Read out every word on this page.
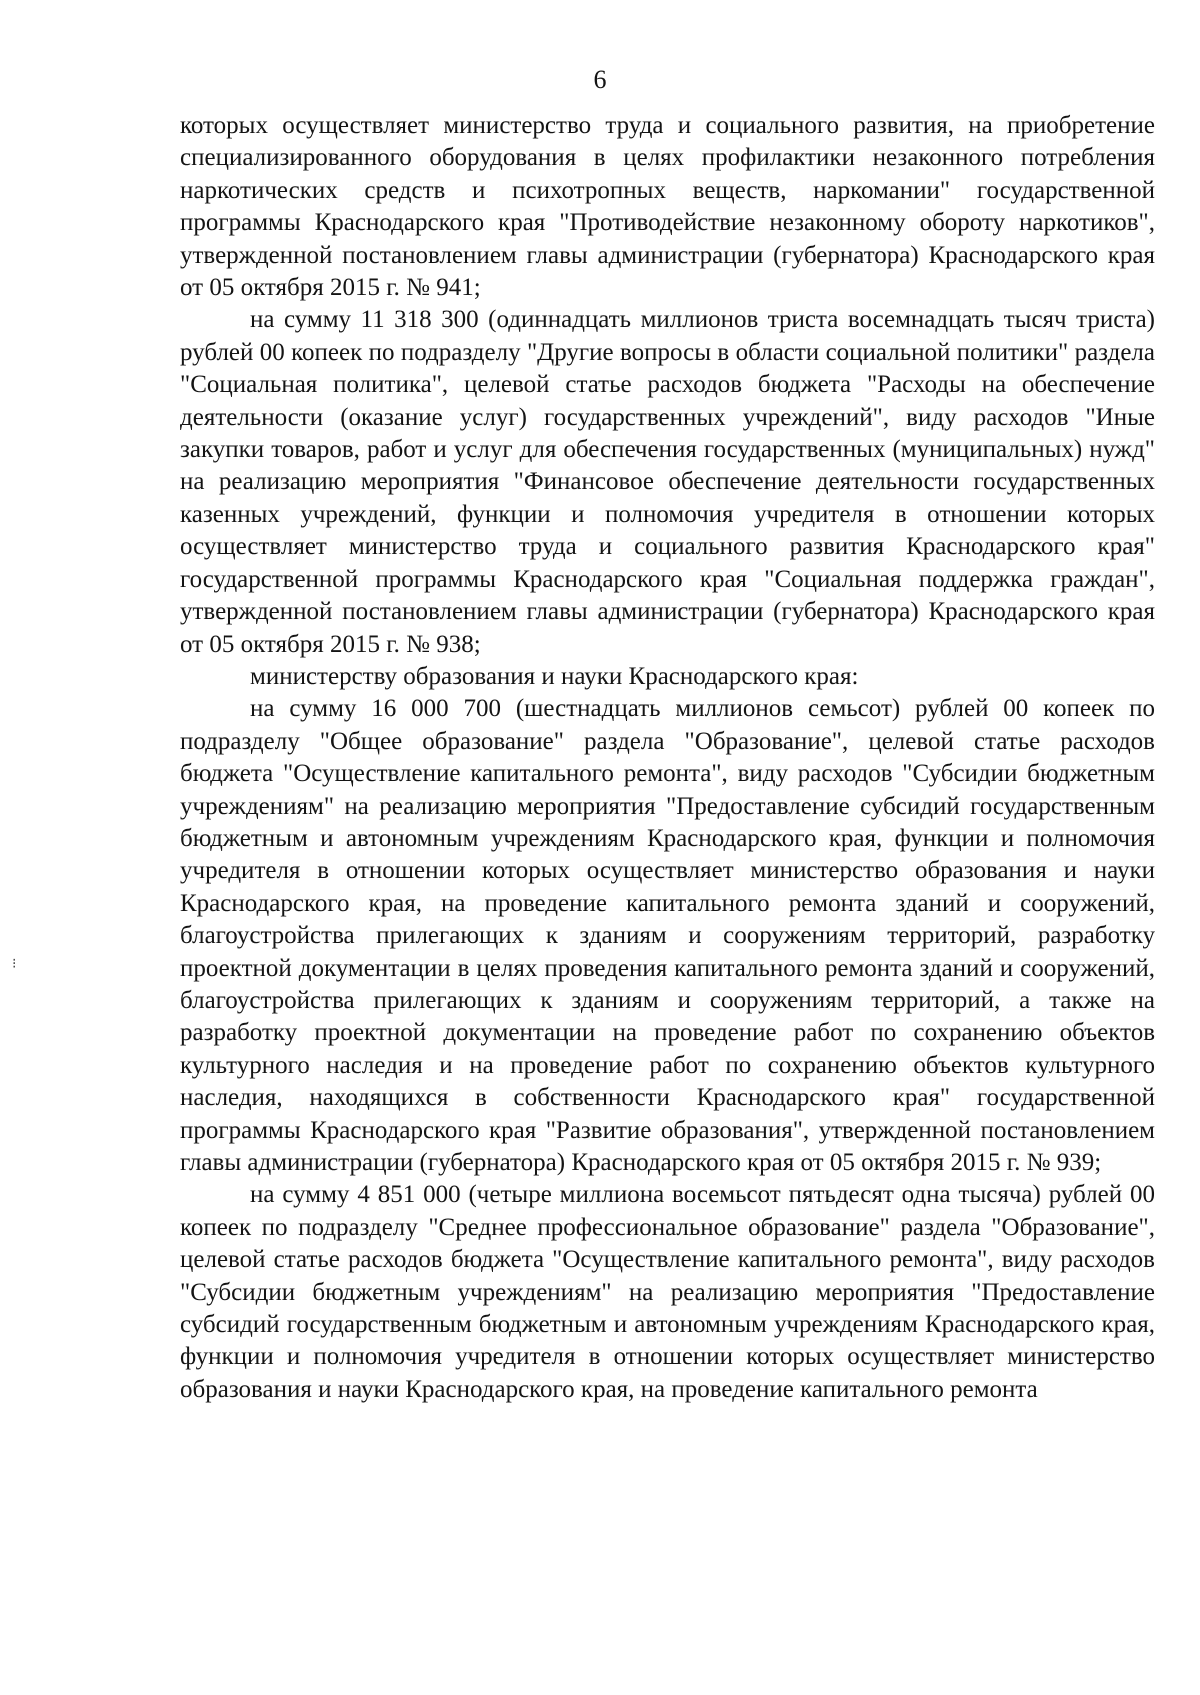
6

которых осуществляет министерство труда и социального развития, на приобретение специализированного оборудования в целях профилактики незаконного потребления наркотических средств и психотропных веществ, наркомании" государственной программы Краснодарского края "Противодействие незаконному обороту наркотиков", утвержденной постановлением главы администрации (губернатора) Краснодарского края от 05 октября 2015 г. № 941;

на сумму 11 318 300 (одиннадцать миллионов триста восемнадцать тысяч триста) рублей 00 копеек по подразделу "Другие вопросы в области социальной политики" раздела "Социальная политика", целевой статье расходов бюджета "Расходы на обеспечение деятельности (оказание услуг) государственных учреждений", виду расходов "Иные закупки товаров, работ и услуг для обеспечения государственных (муниципальных) нужд" на реализацию мероприятия "Финансовое обеспечение деятельности государственных казенных учреждений, функции и полномочия учредителя в отношении которых осуществляет министерство труда и социального развития Краснодарского края" государственной программы Краснодарского края "Социальная поддержка граждан", утвержденной постановлением главы администрации (губернатора) Краснодарского края от 05 октября 2015 г. № 938;

министерству образования и науки Краснодарского края:

на сумму 16 000 700 (шестнадцать миллионов семьсот) рублей 00 копеек по подразделу "Общее образование" раздела "Образование", целевой статье расходов бюджета "Осуществление капитального ремонта", виду расходов "Субсидии бюджетным учреждениям" на реализацию мероприятия "Предоставление субсидий государственным бюджетным и автономным учреждениям Краснодарского края, функции и полномочия учредителя в отношении которых осуществляет министерство образования и науки Краснодарского края, на проведение капитального ремонта зданий и сооружений, благоустройства прилегающих к зданиям и сооружениям территорий, разработку проектной документации в целях проведения капитального ремонта зданий и сооружений, благоустройства прилегающих к зданиям и сооружениям территорий, а также на разработку проектной документации на проведение работ по сохранению объектов культурного наследия и на проведение работ по сохранению объектов культурного наследия, находящихся в собственности Краснодарского края" государственной программы Краснодарского края "Развитие образования", утвержденной постановлением главы администрации (губернатора) Краснодарского края от 05 октября 2015 г. № 939;

на сумму 4 851 000 (четыре миллиона восемьсот пятьдесят одна тысяча) рублей 00 копеек по подразделу "Среднее профессиональное образование" раздела "Образование", целевой статье расходов бюджета "Осуществление капитального ремонта", виду расходов "Субсидии бюджетным учреждениям" на реализацию мероприятия "Предоставление субсидий государственным бюджетным и автономным учреждениям Краснодарского края, функции и полномочия учредителя в отношении которых осуществляет министерство образования и науки Краснодарского края, на проведение капитального ремонта

⁝
